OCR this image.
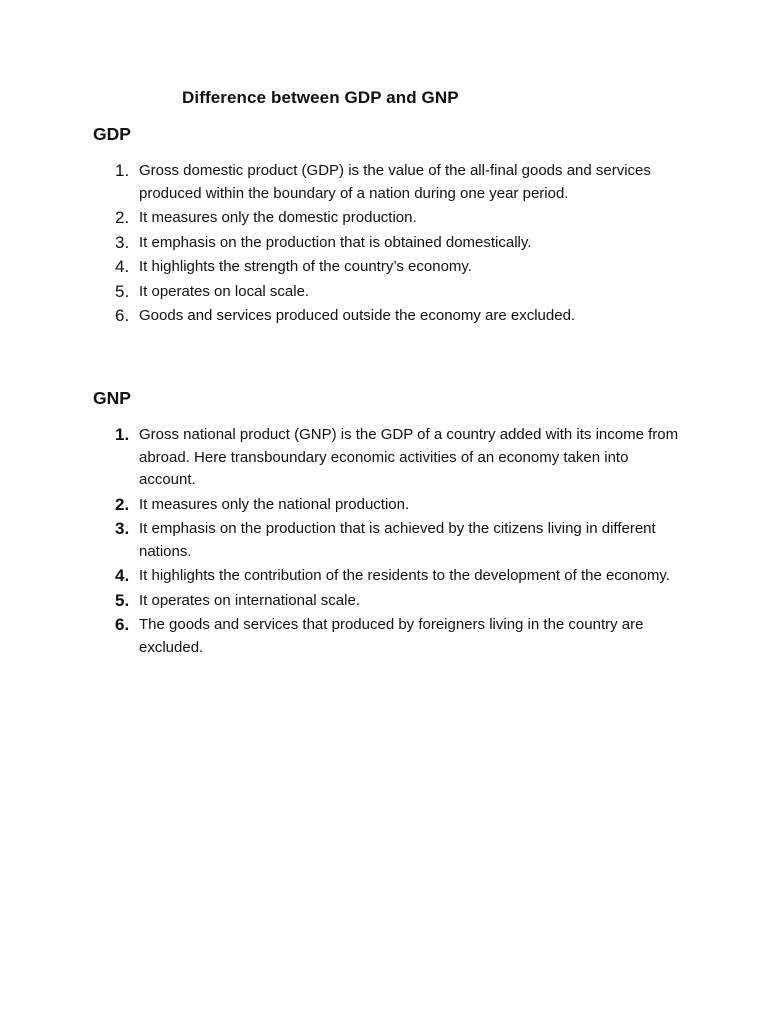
Difference between GDP and GNP
GDP
1. Gross domestic product (GDP) is the value of the all-final goods and services produced within the boundary of a nation during one year period.
2. It measures only the domestic production.
3. It emphasis on the production that is obtained domestically.
4. It highlights the strength of the country’s economy.
5. It operates on local scale.
6. Goods and services produced outside the economy are excluded.
GNP
1. Gross national product (GNP) is the GDP of a country added with its income from abroad. Here transboundary economic activities of an economy taken into account.
2. It measures only the national production.
3. It emphasis on the production that is achieved by the citizens living in different nations.
4. It highlights the contribution of the residents to the development of the economy.
5. It operates on international scale.
6. The goods and services that produced by foreigners living in the country are excluded.
